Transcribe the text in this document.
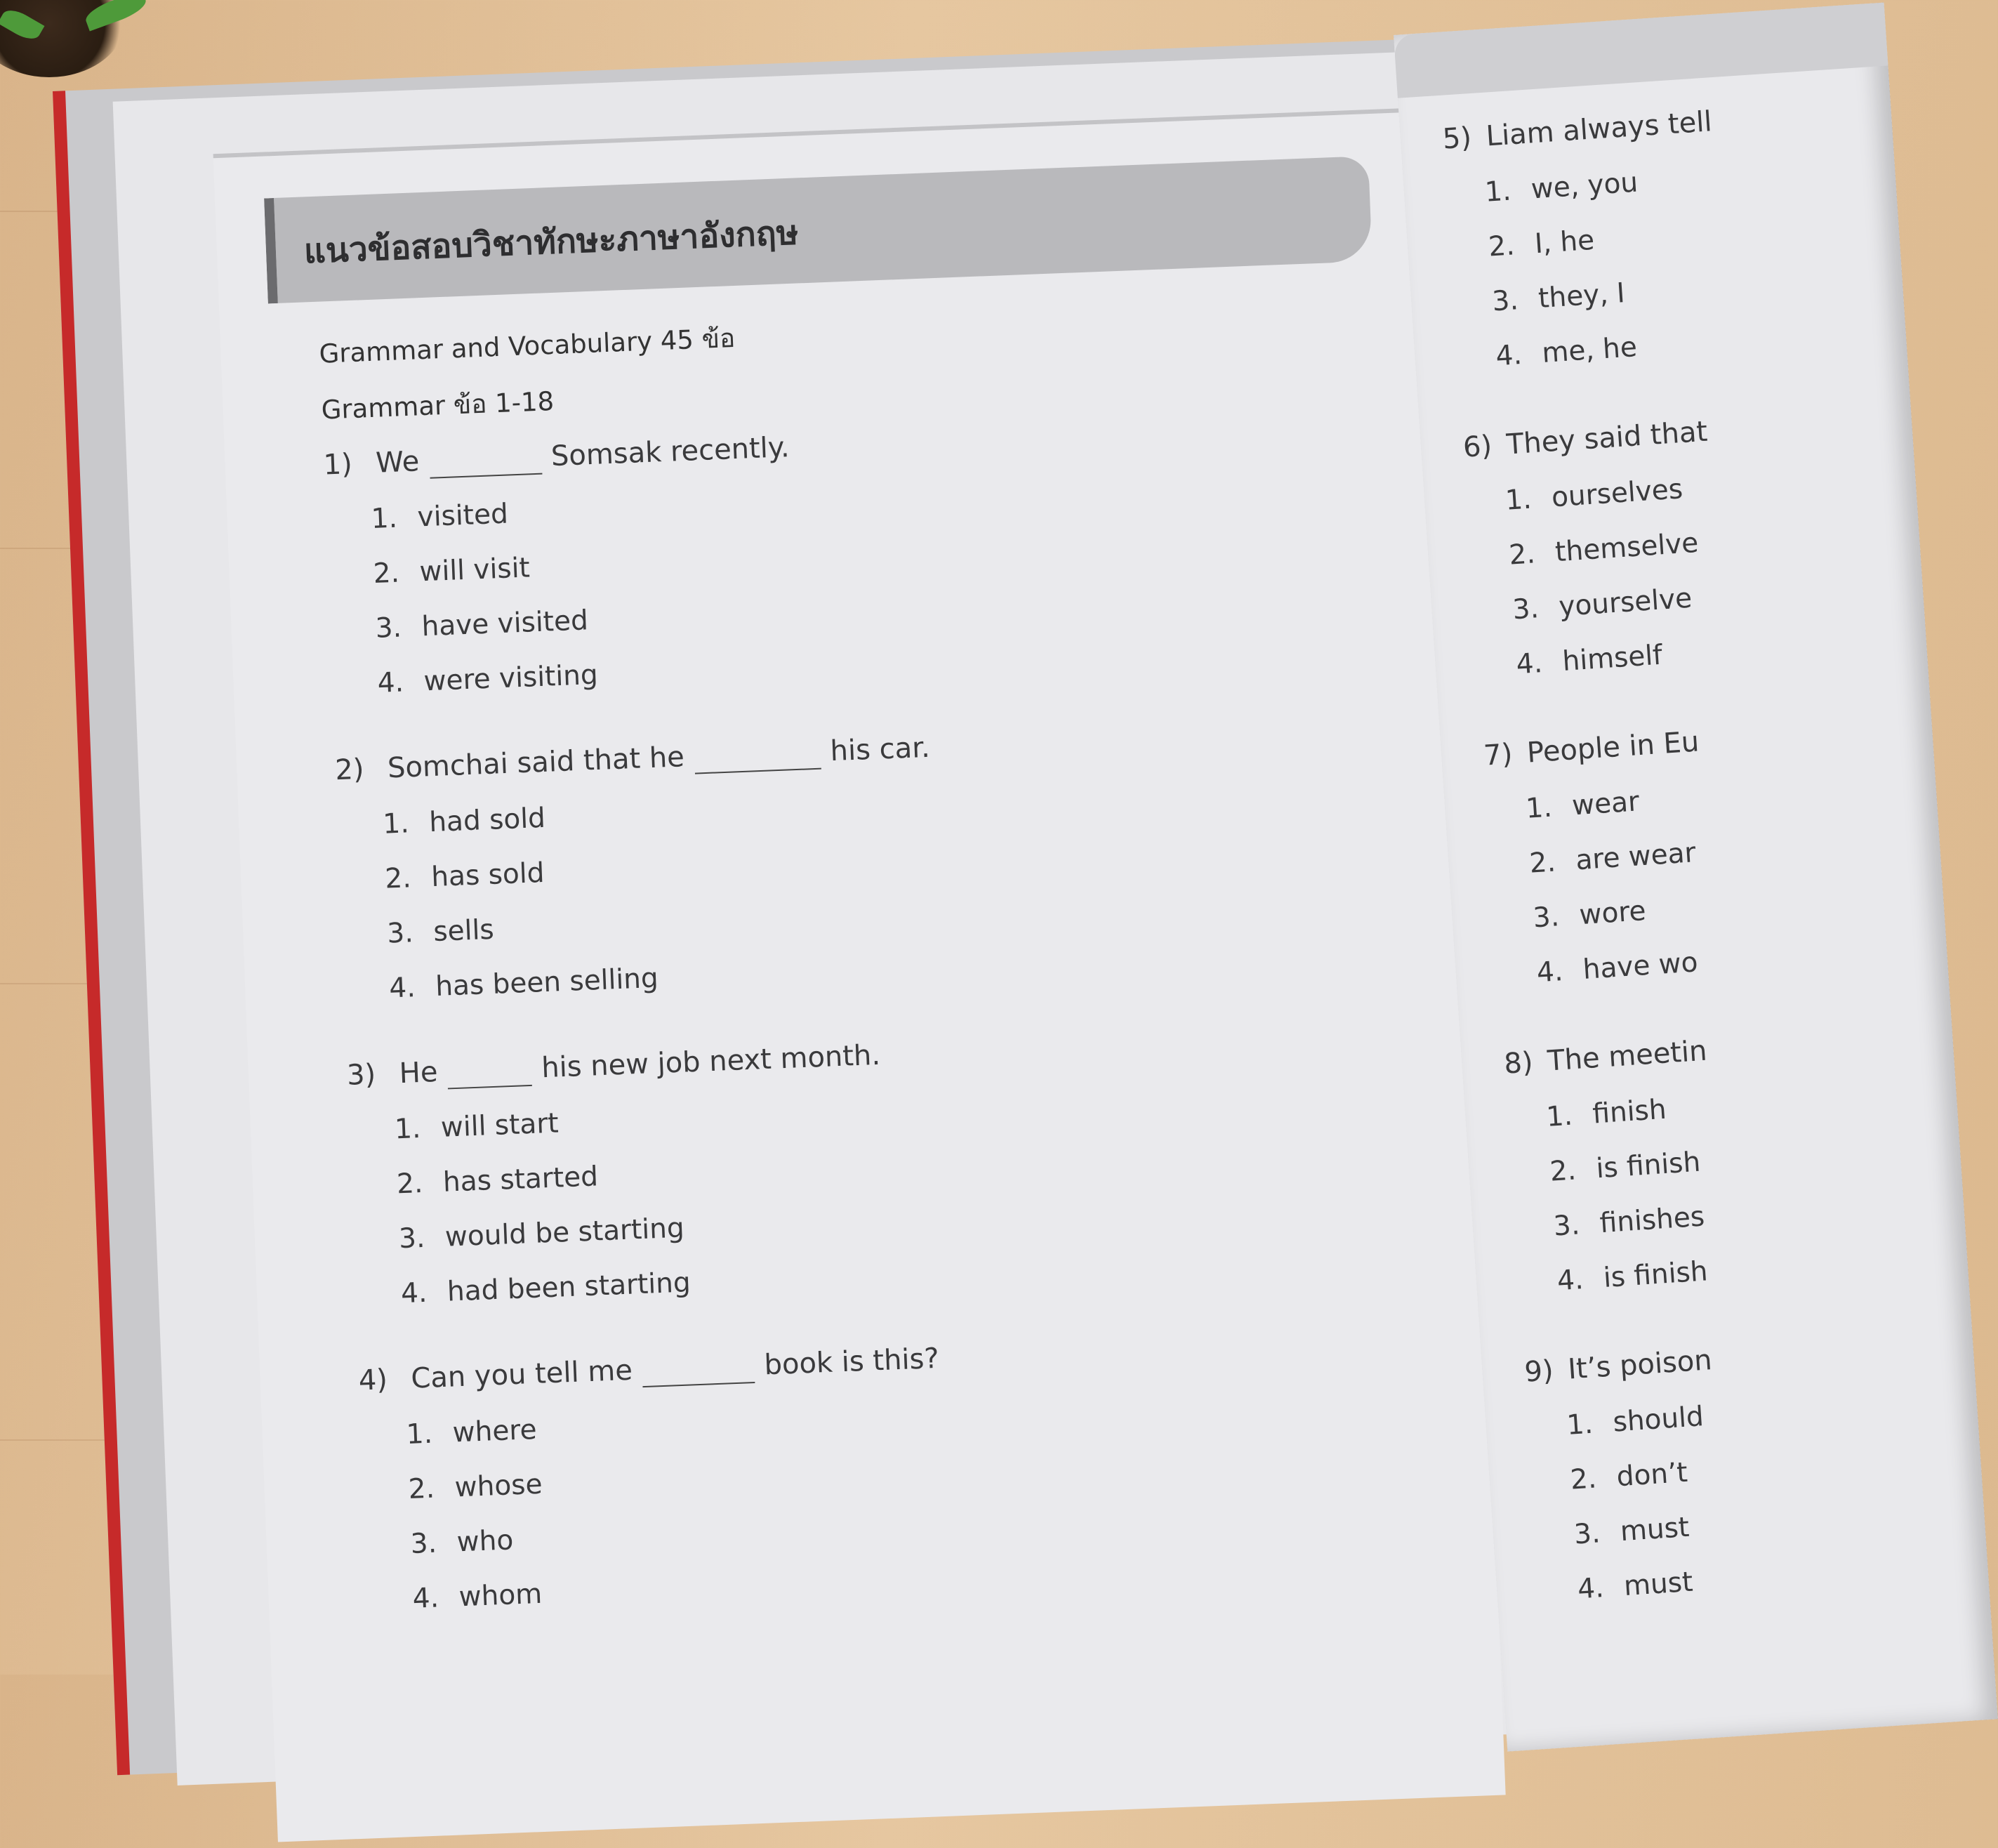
แนวข้อสอบวิชาทักษะภาษาอังกฤษ
Grammar and Vocabulary 45 ข้อ
Grammar ข้อ 1-18
1) We	Somsak recently.
1. visited
2. will visit
3. have visited
4. were visiting
2) Somchai said that he	his car.
1. had sold
2. has sold
3. sells
4. has been selling
3) He	his new job next month.
1. will start
2. has started
3. would be starting
4. had been starting
4) Can you tell me	book is this?
1. where
2. whose
3. who
4. whom
5) Liam always tell
1. we, you
2. I, he
3. they, I
4. me, he
6) They said that
1. ourselves
2. themselve
3. yourselve
4. himself
7) People in Eu
1. wear
2. are wear
3. wore
4. have wo
8) The meetin
1. finish
2. is finish
3. finishes
4. is finish
9) It’s poison
1. should
2. don’t
3. must
4. must
